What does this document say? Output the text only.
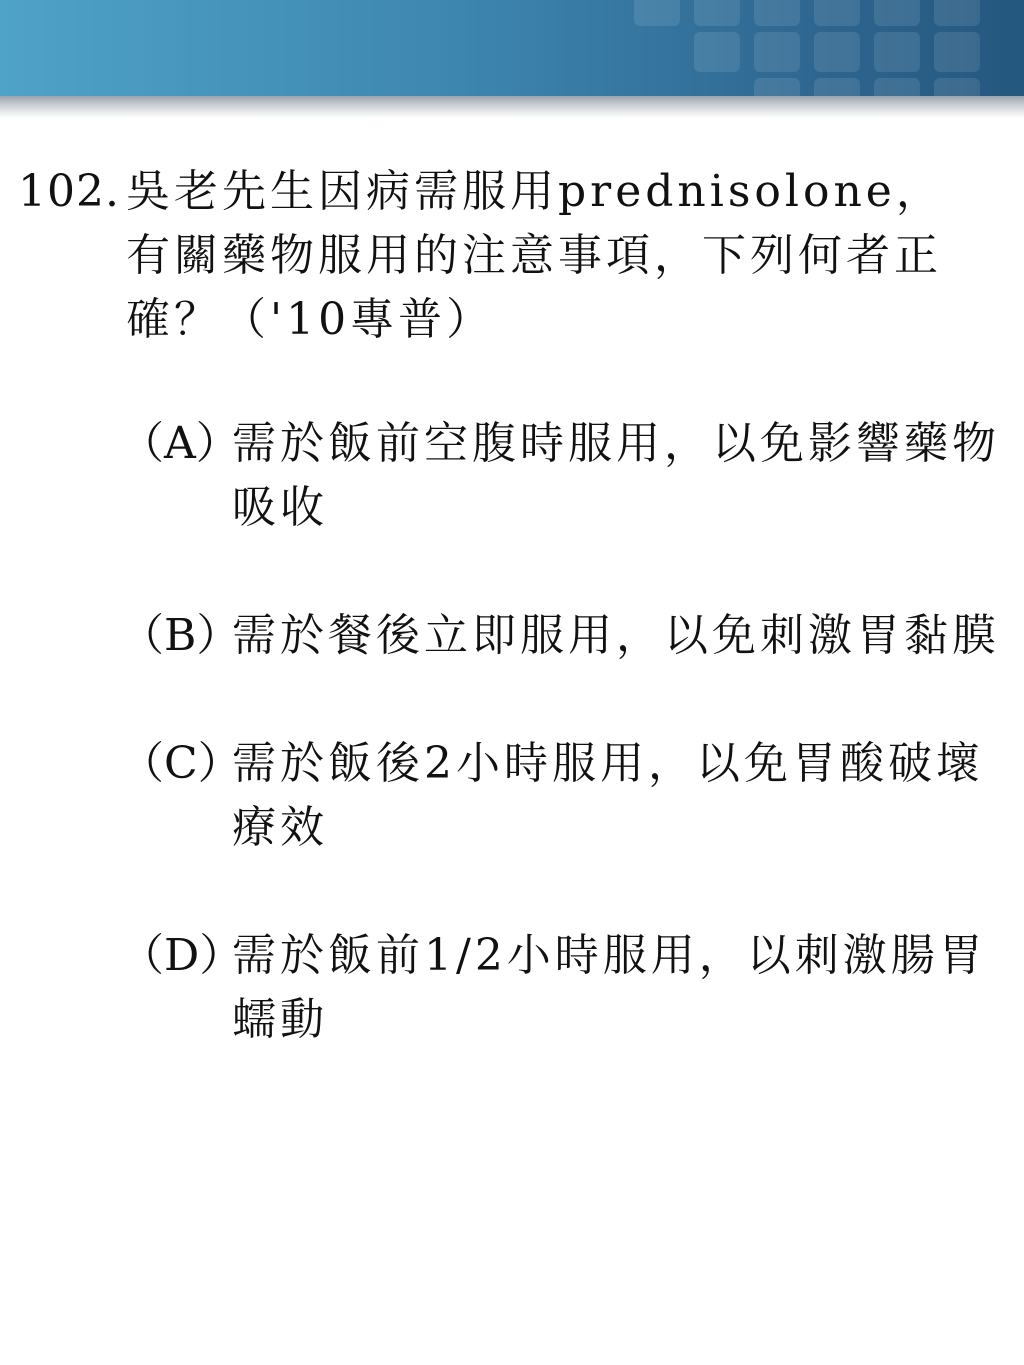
102. 吳老先生因病需服用prednisolone，有關藥物服用的注意事項，下列何者正確？（'10專普）
（A）
需於飯前空腹時服用，以免影響藥物吸收
（B）
需於餐後立即服用，以免刺激胃黏膜
（C）
需於飯後2小時服用，以免胃酸破壞療效
（D）
需於飯前1/2小時服用，以刺激腸胃蠕動
